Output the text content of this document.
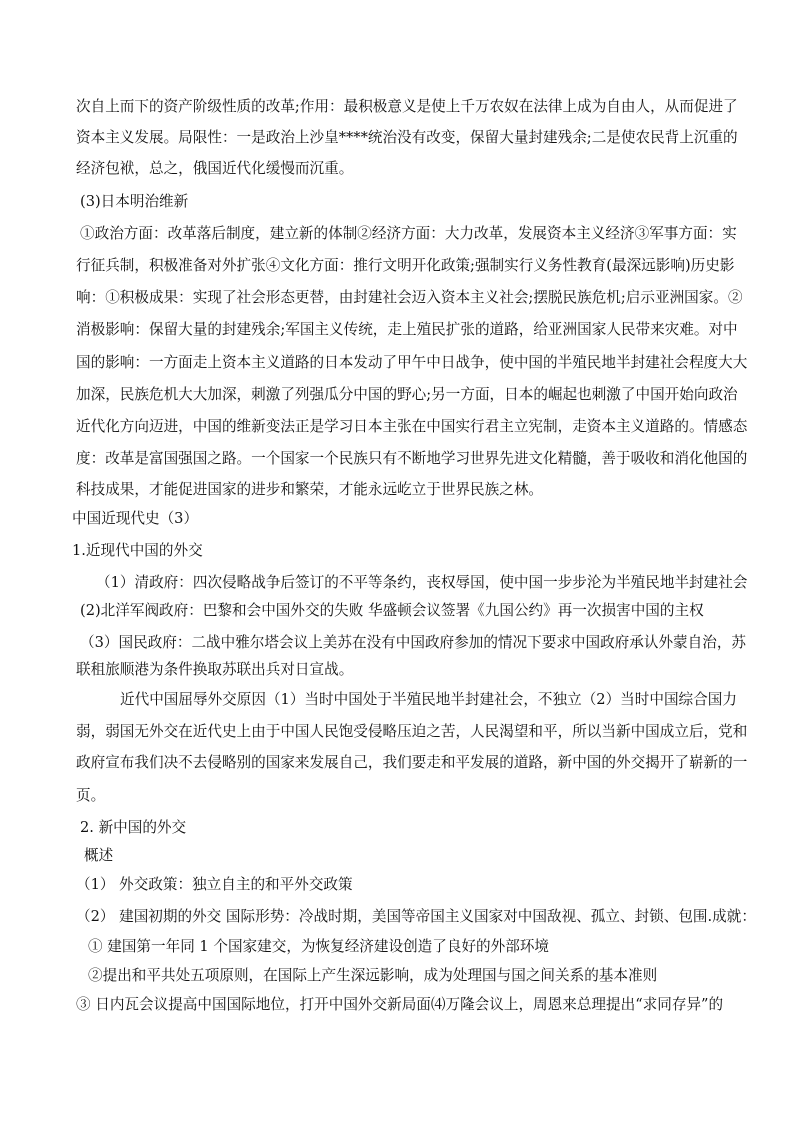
次自上而下的资产阶级性质的改革;作用：最积极意义是使上千万农奴在法律上成为自由人，从而促进了
资本主义发展。局限性：一是政治上沙皇****统治没有改变，保留大量封建残余;二是使农民背上沉重的
经济包袱，总之，俄国近代化缓慢而沉重。
(3)日本明治维新
①政治方面：改革落后制度，建立新的体制②经济方面：大力改革，发展资本主义经济③军事方面：实
行征兵制，积极准备对外扩张④文化方面：推行文明开化政策;强制实行义务性教育(最深远影响)历史影
响：①积极成果：实现了社会形态更替，由封建社会迈入资本主义社会;摆脱民族危机;启示亚洲国家。②
消极影响：保留大量的封建残余;军国主义传统，走上殖民扩张的道路，给亚洲国家人民带来灾难。对中
国的影响：一方面走上资本主义道路的日本发动了甲午中日战争，使中国的半殖民地半封建社会程度大大
加深，民族危机大大加深，刺激了列强瓜分中国的野心;另一方面，日本的崛起也刺激了中国开始向政治
近代化方向迈进，中国的维新变法正是学习日本主张在中国实行君主立宪制，走资本主义道路的。情感态
度：改革是富国强国之路。一个国家一个民族只有不断地学习世界先进文化精髓，善于吸收和消化他国的
科技成果，才能促进国家的进步和繁荣，才能永远屹立于世界民族之林。
中国近现代史（3）
1.近现代中国的外交
（1）清政府：四次侵略战争后签订的不平等条约，丧权辱国，使中国一步步沦为半殖民地半封建社会
(2)北洋军阀政府：巴黎和会中国外交的失败 华盛顿会议签署《九国公约》再一次损害中国的主权
（3）国民政府：二战中雅尔塔会议上美苏在没有中国政府参加的情况下要求中国政府承认外蒙自治，苏
联租旅顺港为条件换取苏联出兵对日宣战。
近代中国屈辱外交原因（1）当时中国处于半殖民地半封建社会，不独立（2）当时中国综合国力
弱，弱国无外交在近代史上由于中国人民饱受侵略压迫之苦，人民渴望和平，所以当新中国成立后，党和
政府宣布我们决不去侵略别的国家来发展自己，我们要走和平发展的道路，新中国的外交揭开了崭新的一
页。
2. 新中国的外交
概述
（1） 外交政策：独立自主的和平外交政策
（2） 建国初期的外交 国际形势：冷战时期，美国等帝国主义国家对中国敌视、孤立、封锁、包围.成就：
① 建国第一年同 1 个国家建交，为恢复经济建设创造了良好的外部环境
②提出和平共处五项原则，在国际上产生深远影响，成为处理国与国之间关系的基本准则
③ 日内瓦会议提高中国国际地位，打开中国外交新局面⑷万隆会议上，周恩来总理提出“求同存异”的
